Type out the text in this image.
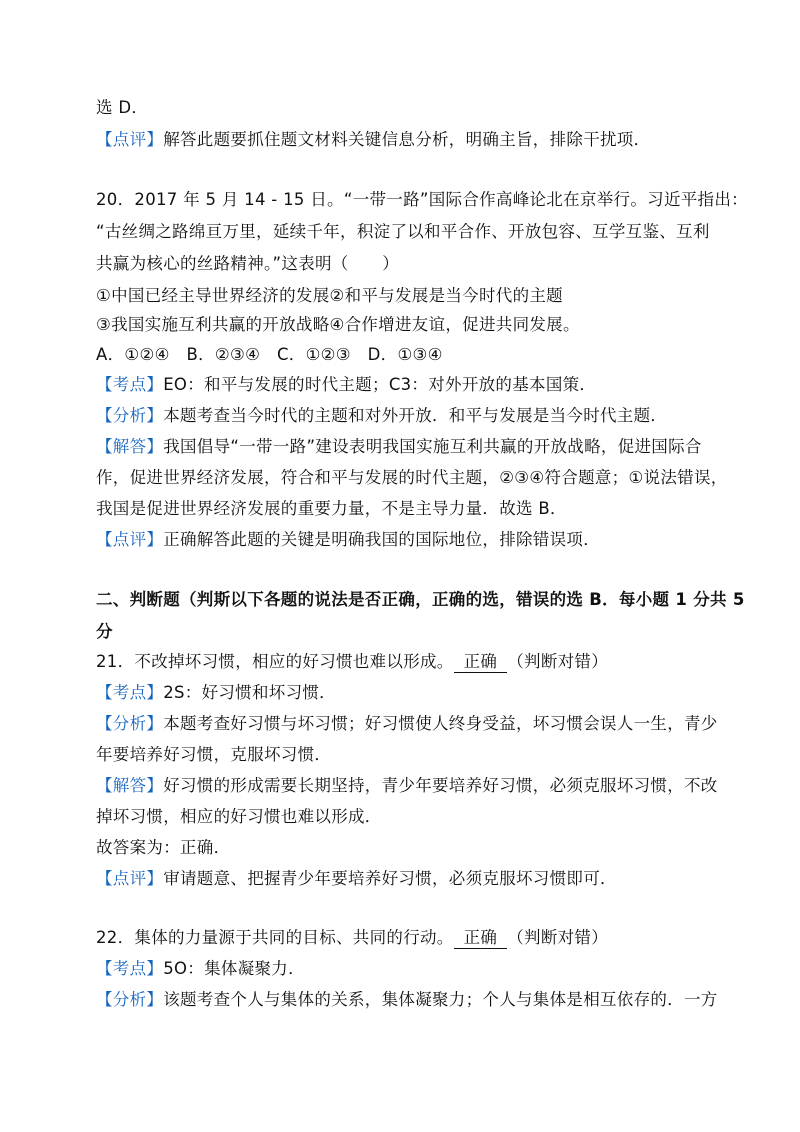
选 D．
【点评】解答此题要抓住题文材料关键信息分析，明确主旨，排除干扰项．
20．2017 年 5 月 14 - 15 日。“一带一路”国际合作高峰论北在京举行。习近平指出：
“古丝绸之路绵亘万里，延续千年，积淀了以和平合作、开放包容、互学互鉴、互利
共赢为核心的丝路精神。”这表明（　　）
①中国已经主导世界经济的发展②和平与发展是当今时代的主题
③我国实施互利共赢的开放战略④合作增进友谊，促进共同发展。
A．①②④　B．②③④　C．①②③　D．①③④
【考点】EO：和平与发展的时代主题；C3：对外开放的基本国策．
【分析】本题考查当今时代的主题和对外开放．和平与发展是当今时代主题．
【解答】我国倡导“一带一路”建设表明我国实施互利共赢的开放战略，促进国际合
作，促进世界经济发展，符合和平与发展的时代主题，②③④符合题意；①说法错误，
我国是促进世界经济发展的重要力量，不是主导力量．故选 B．
【点评】正确解答此题的关键是明确我国的国际地位，排除错误项．
二、判断题（判斯以下各题的说法是否正确，正确的选，错误的选 B．每小题 1 分共 5
分
21．不改掉坏习惯，相应的好习惯也难以形成。 正确 （判断对错）
【考点】2S：好习惯和坏习惯．
【分析】本题考查好习惯与坏习惯；好习惯使人终身受益，坏习惯会误人一生，青少
年要培养好习惯，克服坏习惯．
【解答】好习惯的形成需要长期坚持，青少年要培养好习惯，必须克服坏习惯，不改
掉坏习惯，相应的好习惯也难以形成．
故答案为：正确．
【点评】审请题意、把握青少年要培养好习惯，必须克服坏习惯即可．
22．集体的力量源于共同的目标、共同的行动。 正确 （判断对错）
【考点】5O：集体凝聚力．
【分析】该题考查个人与集体的关系，集体凝聚力；个人与集体是相互依存的．一方
